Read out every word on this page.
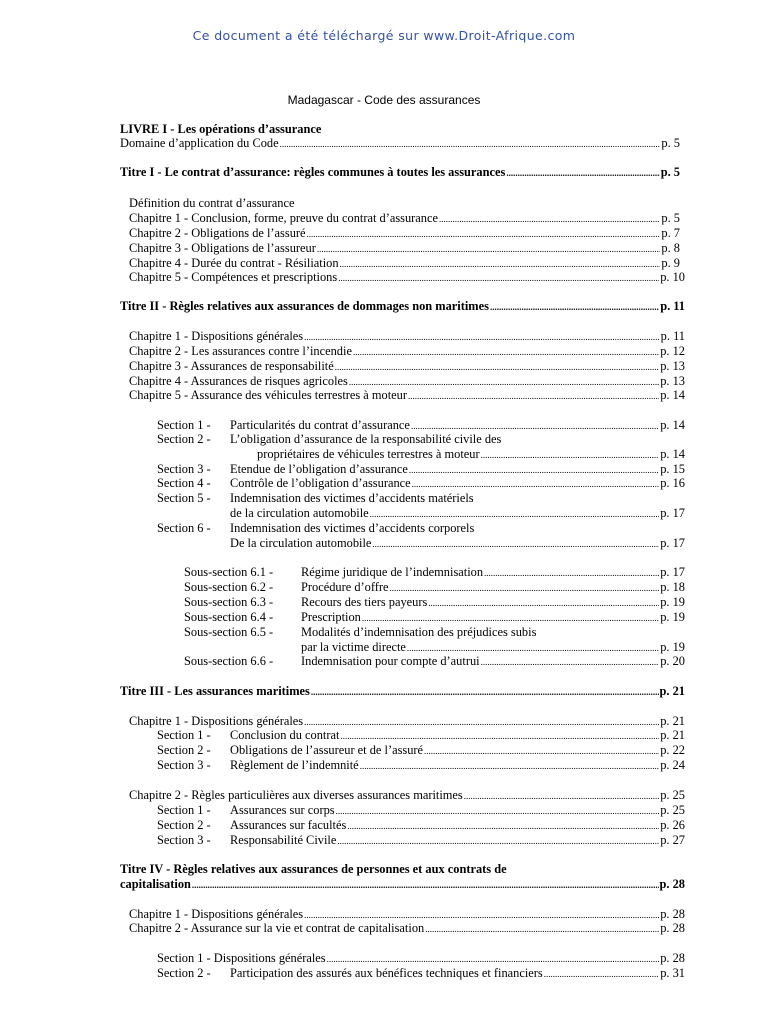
Ce document a été téléchargé sur www.Droit-Afrique.com
Madagascar - Code des assurances
LIVRE I - Les opérations d’assurance
Domaine d’application du Code .....	p. 5
Titre I - Le contrat d’assurance: règles communes à toutes les assurances .....	p. 5
Définition du contrat d’assurance
Chapitre 1 - Conclusion, forme, preuve du contrat d’assurance .....	p. 5
Chapitre 2 - Obligations de l’assuré .....	p. 7
Chapitre 3 - Obligations de l’assureur .....	p. 8
Chapitre 4 - Durée du contrat - Résiliation .....	p. 9
Chapitre 5 - Compétences et prescriptions .....	p. 10
Titre II - Règles relatives aux assurances de dommages non maritimes .....	p. 11
Chapitre 1 - Dispositions générales .....	p. 11
Chapitre 2 - Les assurances contre l’incendie .....	p. 12
Chapitre 3 - Assurances de responsabilité .....	p. 13
Chapitre 4 - Assurances de risques agricoles .....	p. 13
Chapitre 5 - Assurance des véhicules terrestres à moteur .....	p. 14
Section 1 - Particularités du contrat d’assurance .....	p. 14
Section 2 - L’obligation d’assurance de la responsabilité civile des
propriétaires de véhicules terrestres à moteur .....	p. 14
Section 3 - Etendue de l’obligation d’assurance .....	p. 15
Section 4 - Contrôle de l’obligation d’assurance .....	p. 16
Section 5 - Indemnisation des victimes d’accidents matériels
de la circulation automobile .....	p. 17
Section 6 - Indemnisation des victimes d’accidents corporels
De la circulation automobile .....	p. 17
Sous-section 6.1 - Régime juridique de l’indemnisation .....	p. 17
Sous-section 6.2 - Procédure d’offre .....	p. 18
Sous-section 6.3 - Recours des tiers payeurs .....	p. 19
Sous-section 6.4 - Prescription .....	p. 19
Sous-section 6.5 - Modalités d’indemnisation des préjudices subis
par la victime directe .....	p. 19
Sous-section 6.6 - Indemnisation pour compte d’autrui .....	p. 20
Titre III - Les assurances maritimes .....	p. 21
Chapitre 1 - Dispositions générales .....	p. 21
Section 1 - Conclusion du contrat .....	p. 21
Section 2 - Obligations de l’assureur et de l’assuré .....	p. 22
Section 3 - Règlement de l’indemnité .....	p. 24
Chapitre 2 - Règles particulières aux diverses assurances maritimes .....	p. 25
Section 1 - Assurances sur corps .....	p. 25
Section 2 - Assurances sur facultés .....	p. 26
Section 3 - Responsabilité Civile .....	p. 27
Titre IV - Règles relatives aux assurances de personnes et aux contrats de
capitalisation .....	p. 28
Chapitre 1 - Dispositions générales .....	p. 28
Chapitre 2 - Assurance sur la vie et contrat de capitalisation .....	p. 28
Section 1 - Dispositions générales .....	p. 28
Section 2 - Participation des assurés aux bénéfices techniques et financiers .....	p. 31
